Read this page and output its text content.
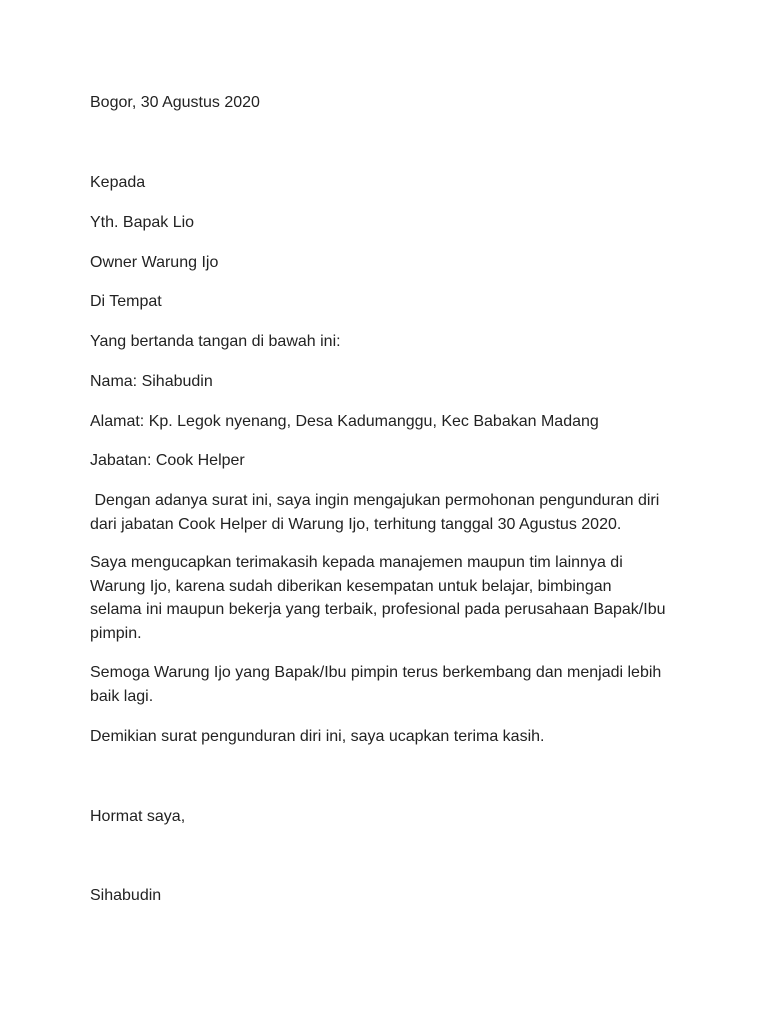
Bogor, 30 Agustus 2020

Kepada

Yth. Bapak Lio

Owner Warung Ijo

Di Tempat

Yang bertanda tangan di bawah ini:

Nama: Sihabudin

Alamat: Kp. Legok nyenang, Desa Kadumanggu, Kec Babakan Madang

Jabatan: Cook Helper

Dengan adanya surat ini, saya ingin mengajukan permohonan pengunduran diri
dari jabatan Cook Helper di Warung Ijo, terhitung tanggal 30 Agustus 2020.
Saya mengucapkan terimakasih kepada manajemen maupun tim lainnya di
Warung Ijo, karena sudah diberikan kesempatan untuk belajar, bimbingan
selama ini maupun bekerja yang terbaik, profesional pada perusahaan Bapak/Ibu
pimpin.
Semoga Warung Ijo yang Bapak/Ibu pimpin terus berkembang dan menjadi lebih
baik lagi.

Demikian surat pengunduran diri ini, saya ucapkan terima kasih.

Hormat saya,

Sihabudin
